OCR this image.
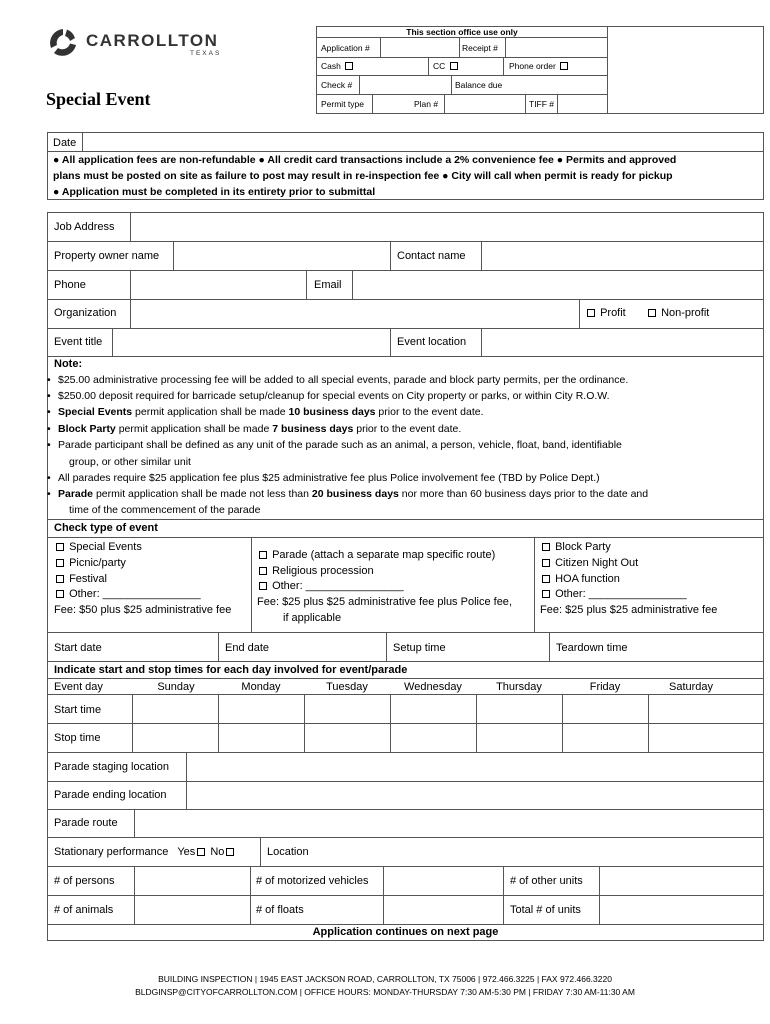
CARROLLTON
TEXAS
Special Event
This section office use only
Application #	Receipt #
Cash	CC	Phone order
Check #	Balance due
Permit type	Plan #	TIFF #
Date
● All application fees are non-refundable ● All credit card transactions include a 2% convenience fee ● Permits and approved
plans must be posted on site as failure to post may result in re-inspection fee ● City will call when permit is ready for pickup
● Application must be completed in its entirety prior to submittal
Job Address
Property owner name	Contact name
Phone	Email
Organization	Profit	Non-profit
Event title	Event location
Note:
• $25.00 administrative processing fee will be added to all special events, parade and block party permits, per the ordinance.
• $250.00 deposit required for barricade setup/cleanup for special events on City property or parks, or within City R.O.W.
• Special Events permit application shall be made 10 business days prior to the event date.
• Block Party permit application shall be made 7 business days prior to the event date.
• Parade participant shall be defined as any unit of the parade such as an animal, a person, vehicle, float, band, identifiable
group, or other similar unit
• All parades require $25 application fee plus $25 administrative fee plus Police involvement fee (TBD by Police Dept.)
• Parade permit application shall be made not less than 20 business days nor more than 60 business days prior to the date and
time of the commencement of the parade
Check type of event
Special Events
Picnic/party
Festival
Other: ________________
Fee: $50 plus $25 administrative fee
Parade (attach a separate map specific route)
Religious procession
Other: ________________
Fee: $25 plus $25 administrative fee plus Police fee,
if applicable
Block Party
Citizen Night Out
HOA function
Other: ________________
Fee: $25 plus $25 administrative fee
Start date	End date	Setup time	Teardown time
Indicate start and stop times for each day involved for event/parade
Event day	Sunday	Monday	Tuesday	Wednesday	Thursday	Friday	Saturday
Start time
Stop time
Parade staging location
Parade ending location
Parade route
Stationary performance Yes No	Location
# of persons	# of motorized vehicles	# of other units
# of animals	# of floats	Total # of units
Application continues on next page
BUILDING INSPECTION | 1945 EAST JACKSON ROAD, CARROLLTON, TX 75006 | 972.466.3225 | FAX 972.466.3220
BLDGINSP@CITYOFCARROLLTON.COM | OFFICE HOURS: MONDAY-THURSDAY 7:30 AM-5:30 PM | FRIDAY 7:30 AM-11:30 AM
